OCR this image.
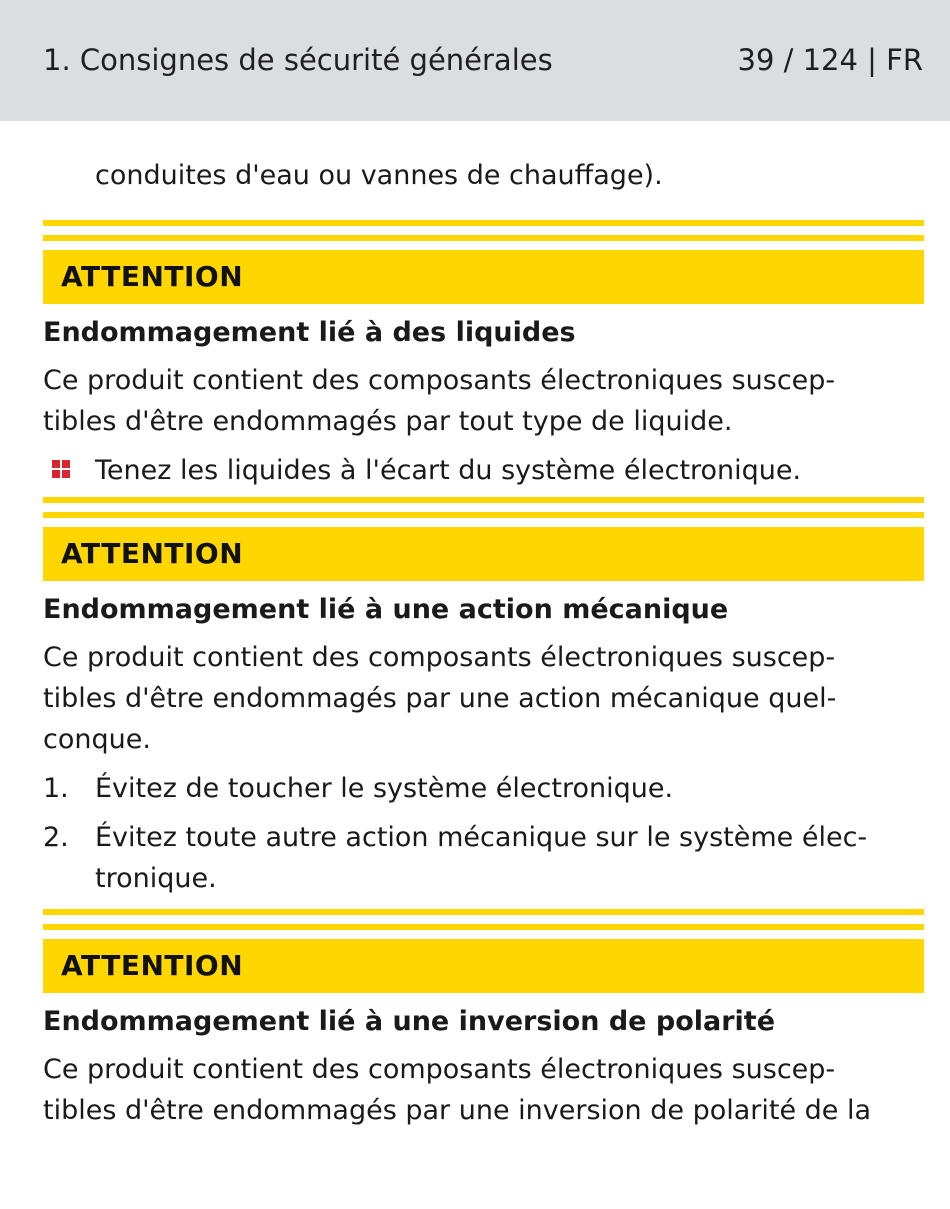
1. Consignes de sécurité générales	39 / 124 | FR

conduites d'eau ou vannes de chauffage).

ATTENTION
Endommagement lié à des liquides

Ce produit contient des composants électroniques suscep-

tibles d'être endommagés par tout type de liquide.

Tenez les liquides à l'écart du système électronique.
ATTENTION
Endommagement lié à une action mécanique

Ce produit contient des composants électroniques suscep-

tibles d'être endommagés par une action mécanique quel-

conque.

1. Évitez de toucher le système électronique.
2. Évitez toute autre action mécanique sur le système élec-
tronique.
ATTENTION
Endommagement lié à une inversion de polarité

Ce produit contient des composants électroniques suscep-

tibles d'être endommagés par une inversion de polarité de la
